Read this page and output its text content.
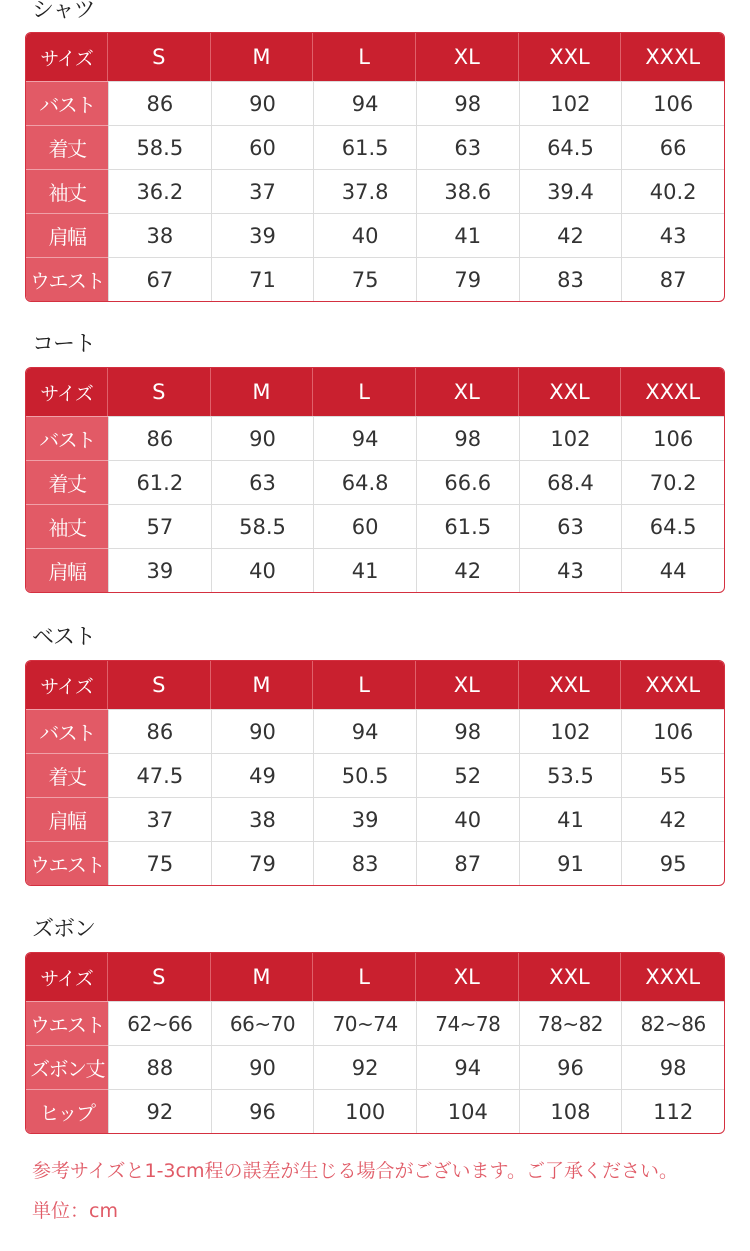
シャツ
サイズ	S	M	L	XL	XXL	XXXL
バスト	86	90	94	98	102	106
着丈	58.5	60	61.5	63	64.5	66
袖丈	36.2	37	37.8	38.6	39.4	40.2
肩幅	38	39	40	41	42	43
ウエスト	67	71	75	79	83	87
コート
サイズ	S	M	L	XL	XXL	XXXL
バスト	86	90	94	98	102	106
着丈	61.2	63	64.8	66.6	68.4	70.2
袖丈	57	58.5	60	61.5	63	64.5
肩幅	39	40	41	42	43	44
ベスト
サイズ	S	M	L	XL	XXL	XXXL
バスト	86	90	94	98	102	106
着丈	47.5	49	50.5	52	53.5	55
肩幅	37	38	39	40	41	42
ウエスト	75	79	83	87	91	95
ズボン
サイズ	S	M	L	XL	XXL	XXXL
ウエスト	62~66	66~70	70~74	74~78	78~82	82~86
ズボン丈	88	90	92	94	96	98
ヒップ	92	96	100	104	108	112

参考サイズと1-3cm程の誤差が生じる場合がございます。ご了承ください。

単位：cm
